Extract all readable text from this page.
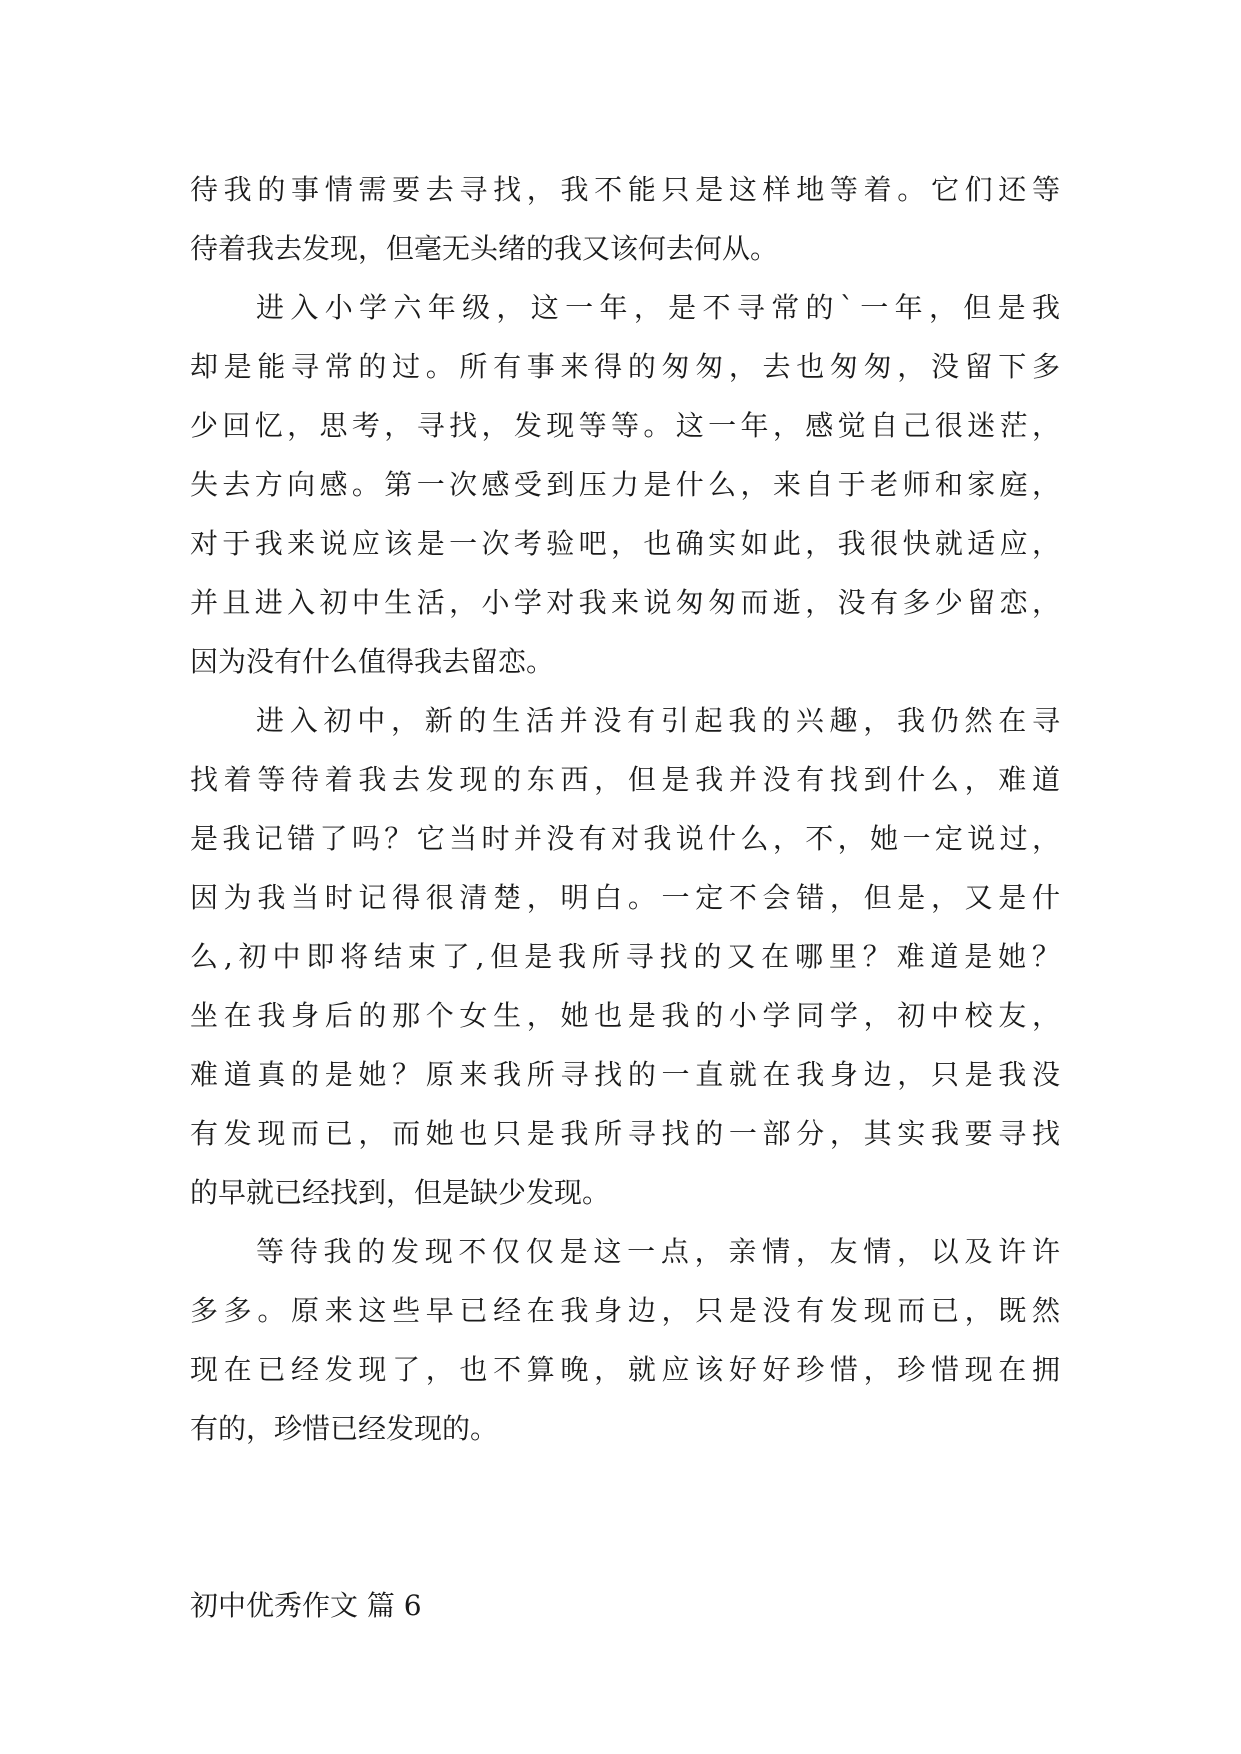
待我的事情需要去寻找，我不能只是这样地等着。它们还等
待着我去发现，但毫无头绪的我又该何去何从。
进入小学六年级，这一年，是不寻常的`一年，但是我
却是能寻常的过。所有事来得的匆匆，去也匆匆，没留下多
少回忆，思考，寻找，发现等等。这一年，感觉自己很迷茫，
失去方向感。第一次感受到压力是什么，来自于老师和家庭，
对于我来说应该是一次考验吧，也确实如此，我很快就适应，
并且进入初中生活，小学对我来说匆匆而逝，没有多少留恋，
因为没有什么值得我去留恋。
进入初中，新的生活并没有引起我的兴趣，我仍然在寻
找着等待着我去发现的东西，但是我并没有找到什么，难道
是我记错了吗？它当时并没有对我说什么，不，她一定说过，
因为我当时记得很清楚，明白。一定不会错，但是，又是什
么,初中即将结束了,但是我所寻找的又在哪里？难道是她？
坐在我身后的那个女生，她也是我的小学同学，初中校友，
难道真的是她？原来我所寻找的一直就在我身边，只是我没
有发现而已，而她也只是我所寻找的一部分，其实我要寻找
的早就已经找到，但是缺少发现。
等待我的发现不仅仅是这一点，亲情，友情，以及许许
多多。原来这些早已经在我身边，只是没有发现而已，既然
现在已经发现了，也不算晚，就应该好好珍惜，珍惜现在拥
有的，珍惜已经发现的。
初中优秀作文 篇 6
